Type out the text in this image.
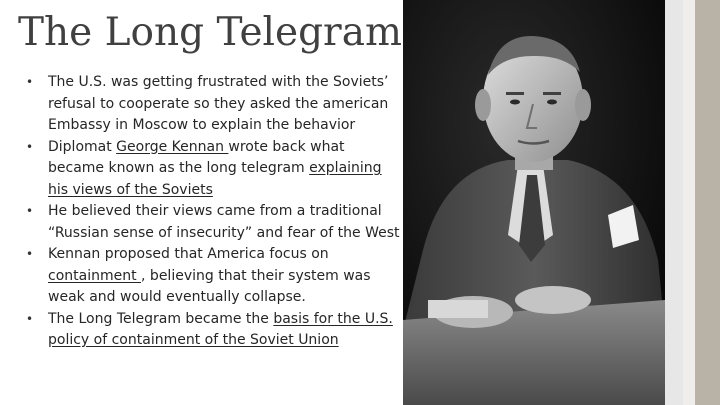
The Long Telegram
• The U.S. was getting frustrated with the Soviets’ refusal to cooperate so they asked the american Embassy in Moscow to explain the behavior
• Diplomat George Kennan wrote back what became known as the long telegram explaining his views of the Soviets
• He believed their views came from a traditional “Russian sense of insecurity” and fear of the West
• Kennan proposed that America focus on containment , believing that their system was weak and would eventually collapse.
• The Long Telegram became the basis for the U.S. policy of containment of the Soviet Union
